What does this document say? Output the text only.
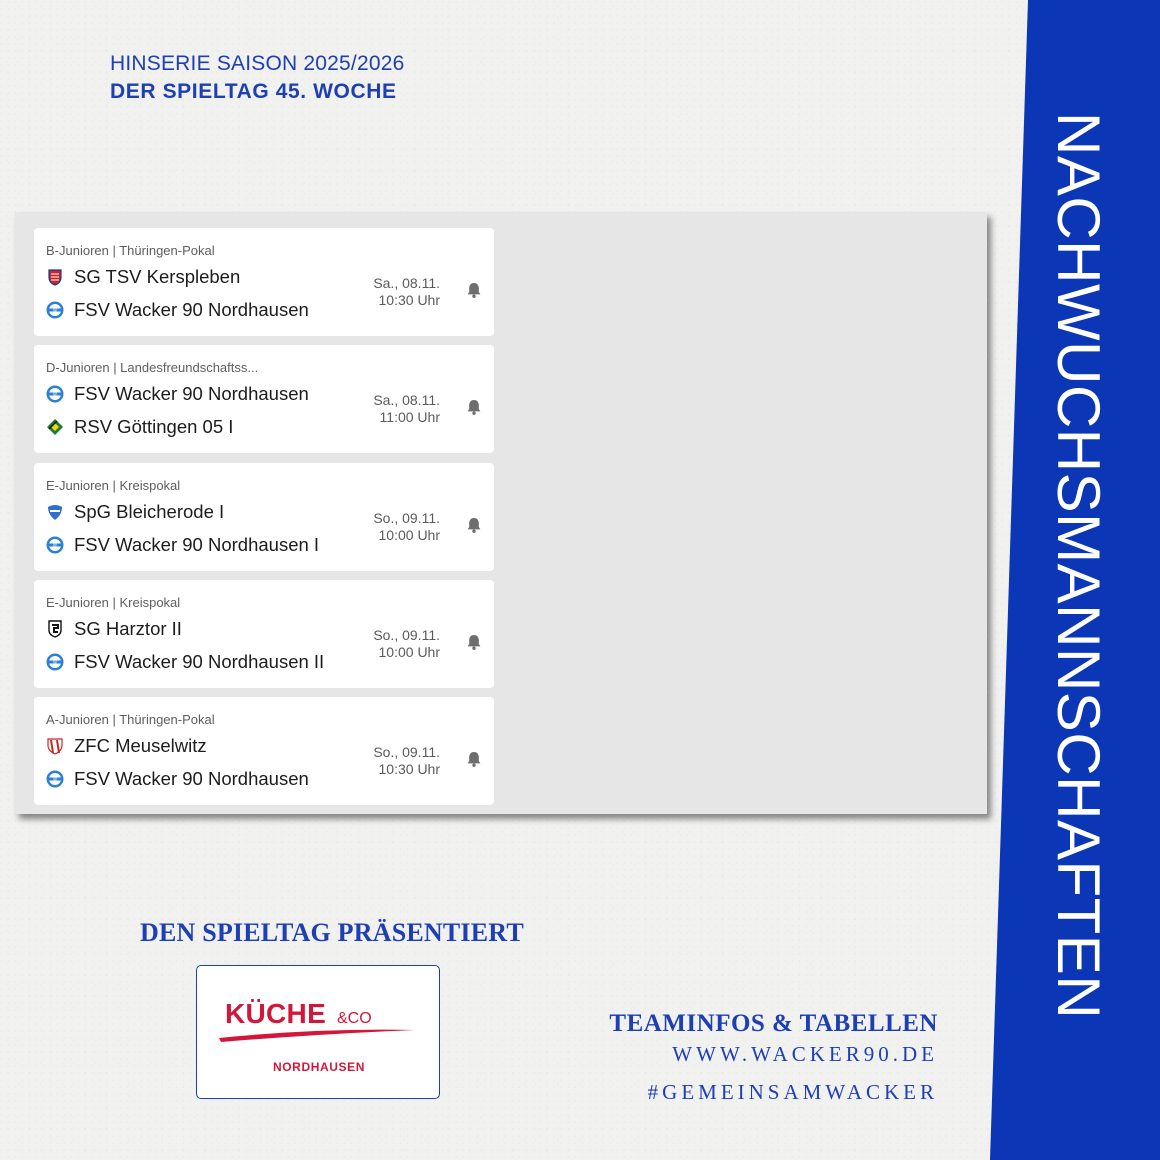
HINSERIE SAISON 2025/2026
DER SPIELTAG 45. WOCHE
NACHWUCHSMANNSCHAFTEN
B-Junioren | Thüringen-Pokal
SG TSV Kerspleben
W FSV Wacker 90 Nordhausen
Sa., 08.11.
10:30 Uhr
D-Junioren | Landesfreundschaftss...
W FSV Wacker 90 Nordhausen
RSV Göttingen 05 I
Sa., 08.11.
11:00 Uhr
E-Junioren | Kreispokal
SpG Bleicherode I
W FSV Wacker 90 Nordhausen I
So., 09.11.
10:00 Uhr
E-Junioren | Kreispokal
SG Harztor II
W FSV Wacker 90 Nordhausen II
So., 09.11.
10:00 Uhr
A-Junioren | Thüringen-Pokal
ZFC Meuselwitz
W FSV Wacker 90 Nordhausen
So., 09.11.
10:30 Uhr
DEN SPIELTAG PRÄSENTIERT
KÜCHE &CO
NORDHAUSEN
TEAMINFOS & TABELLEN
WWW.WACKER90.DE
#GEMEINSAMWACKER
